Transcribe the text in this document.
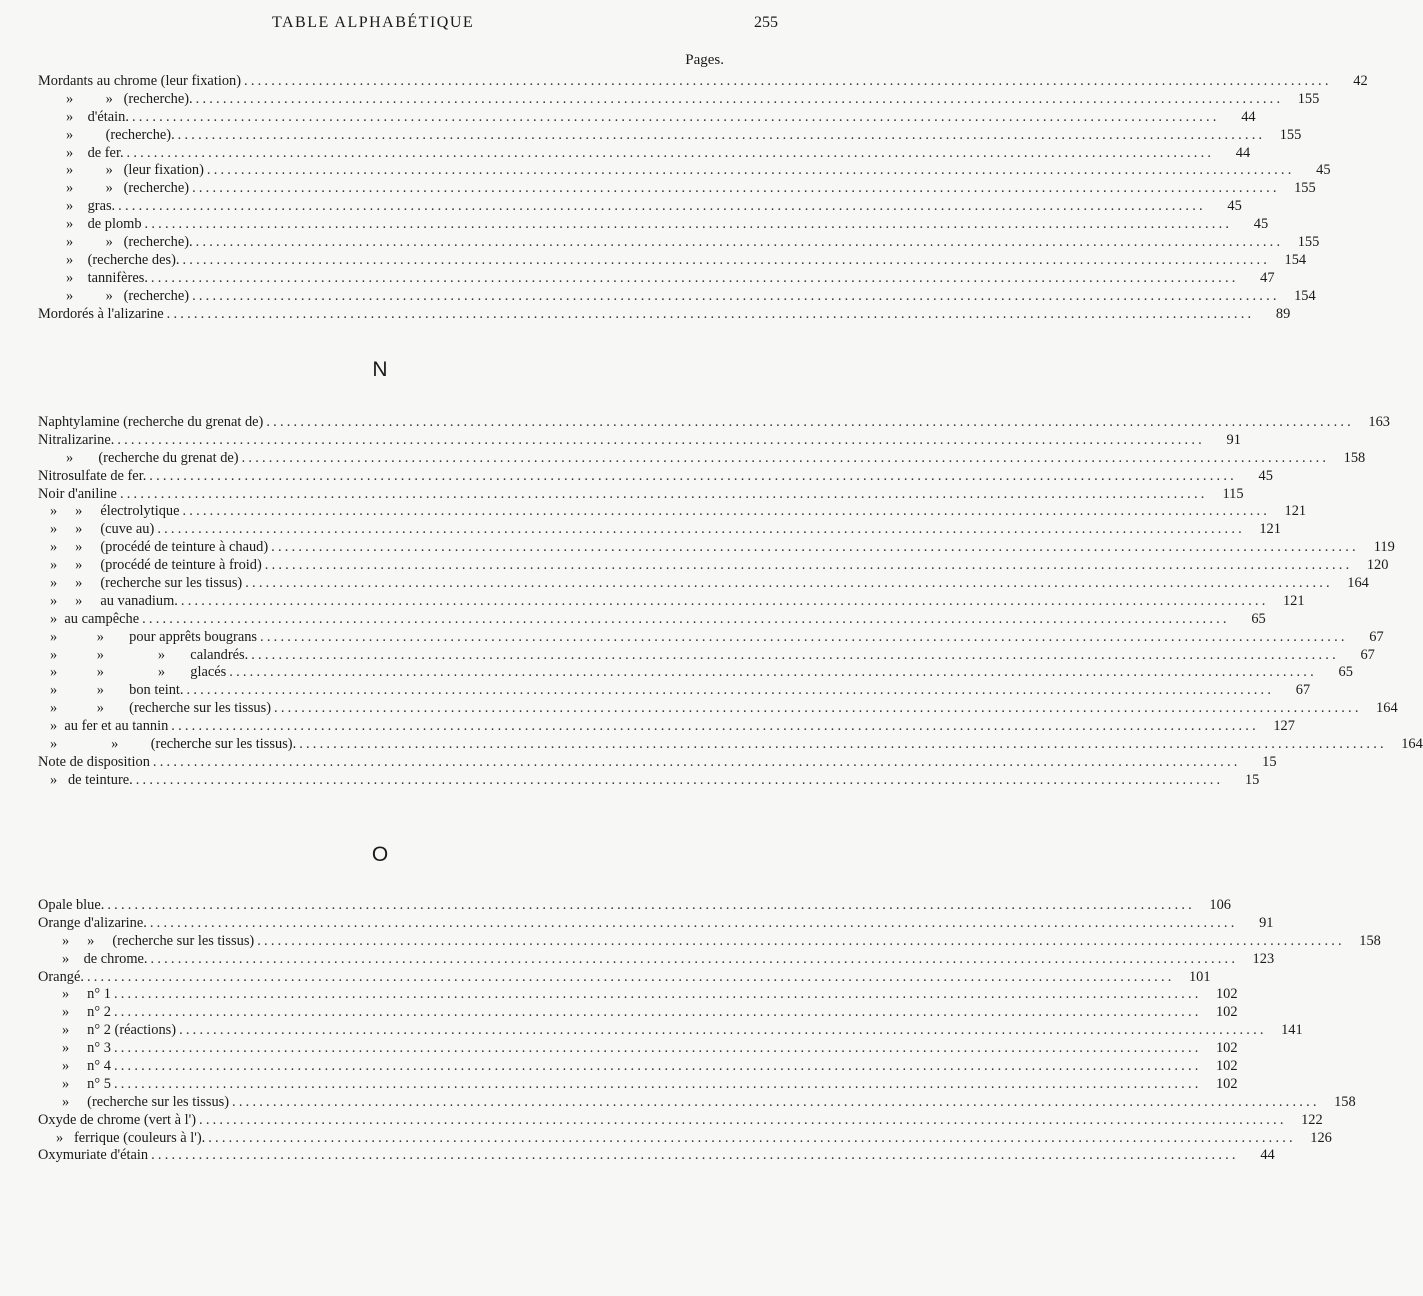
TABLE ALPHABÉTIQUE	255
Pages.
Mordants au chrome (leur fixation) ................................................................................................................................................................	42
»         »   (recherche). ................................................................................................................................................................	155
»    d'étain. ................................................................................................................................................................	44
»         (recherche). ................................................................................................................................................................	155
»    de fer. ................................................................................................................................................................	44
»         »   (leur fixation) ................................................................................................................................................................	45
»         »   (recherche) ................................................................................................................................................................	155
»    gras. ................................................................................................................................................................	45
»    de plomb ................................................................................................................................................................	45
»         »   (recherche). ................................................................................................................................................................	155
»    (recherche des). ................................................................................................................................................................	154
»    tannifères. ................................................................................................................................................................	47
»         »   (recherche) ................................................................................................................................................................	154
Mordorés à l'alizarine ................................................................................................................................................................	89
N
Naphtylamine (recherche du grenat de) ................................................................................................................................................................	163
Nitralizarine. ................................................................................................................................................................	91
»       (recherche du grenat de) ................................................................................................................................................................	158
Nitrosulfate de fer. ................................................................................................................................................................	45
Noir d'aniline ................................................................................................................................................................	115
»     »     électrolytique ................................................................................................................................................................	121
»     »     (cuve au) ................................................................................................................................................................	121
»     »     (procédé de teinture à chaud) ................................................................................................................................................................	119
»     »     (procédé de teinture à froid) ................................................................................................................................................................	120
»     »     (recherche sur les tissus) ................................................................................................................................................................	164
»     »     au vanadium. ................................................................................................................................................................	121
»  au campêche ................................................................................................................................................................	65
»           »       pour apprêts bougrans ................................................................................................................................................................	67
»           »               »       calandrés. ................................................................................................................................................................	67
»           »               »       glacés ................................................................................................................................................................	65
»           »       bon teint. ................................................................................................................................................................	67
»           »       (recherche sur les tissus) ................................................................................................................................................................	164
»  au fer et au tannin ................................................................................................................................................................	127
»               »         (recherche sur les tissus). ................................................................................................................................................................	164
Note de disposition ................................................................................................................................................................	15
»   de teinture. ................................................................................................................................................................	15
O
Opale blue. ................................................................................................................................................................	106
Orange d'alizarine. ................................................................................................................................................................	91
»     »     (recherche sur les tissus) ................................................................................................................................................................	158
»    de chrome. ................................................................................................................................................................	123
Orangé. ................................................................................................................................................................	101
»     n° 1 ................................................................................................................................................................	102
»     n° 2 ................................................................................................................................................................	102
»     n° 2 (réactions) ................................................................................................................................................................	141
»     n° 3 ................................................................................................................................................................	102
»     n° 4 ................................................................................................................................................................	102
»     n° 5 ................................................................................................................................................................	102
»     (recherche sur les tissus) ................................................................................................................................................................	158
Oxyde de chrome (vert à l') ................................................................................................................................................................	122
»   ferrique (couleurs à l'). ................................................................................................................................................................	126
Oxymuriate d'étain ................................................................................................................................................................	44
